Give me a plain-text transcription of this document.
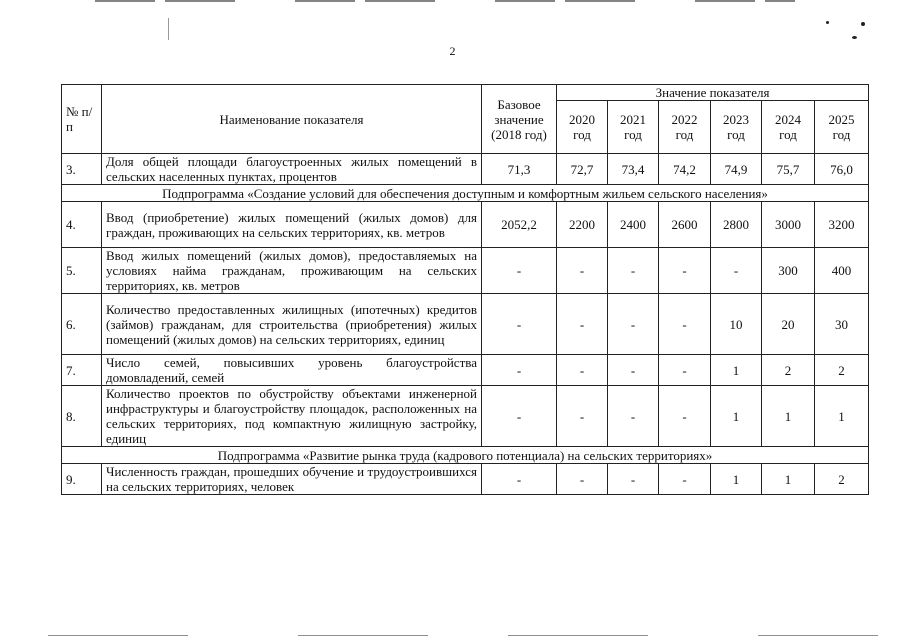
2
№ п/п	Наименование показателя	Базовое значение (2018 год)	Значение показателя					
			2020 год	2021 год	2022 год	2023 год	2024 год	2025 год
3.	Доля общей площади благоустроенных жилых помещений в сельских населенных пунктах, процентов	71,3	72,7	73,4	74,2	74,9	75,7	76,0
Подпрограмма «Создание условий для обеспечения доступным и комфортным жильем сельского населения»								
4.	Ввод (приобретение) жилых помещений (жилых домов) для граждан, проживающих на сельских территориях, кв. метров	2052,2	2200	2400	2600	2800	3000	3200
5.	Ввод жилых помещений (жилых домов), предоставляемых на условиях найма гражданам, проживающим на сельских территориях, кв. метров	-	-	-	-	-	300	400
6.	Количество предоставленных жилищных (ипотечных) кредитов (займов) гражданам, для строительства (приобретения) жилых помещений (жилых домов) на сельских территориях, единиц	-	-	-	-	10	20	30
7.	Число семей, повысивших уровень благоустройства домовладений, семей	-	-	-	-	1	2	2
8.	Количество проектов по обустройству объектами инженерной инфраструктуры и благоустройству площадок, расположенных на сельских территориях, под компактную жилищную застройку, единиц	-	-	-	-	1	1	1
Подпрограмма «Развитие рынка труда (кадрового потенциала) на сельских территориях»								
9.	Численность граждан, прошедших обучение и трудоустроившихся на сельских территориях, человек	-	-	-	-	1	1	2
